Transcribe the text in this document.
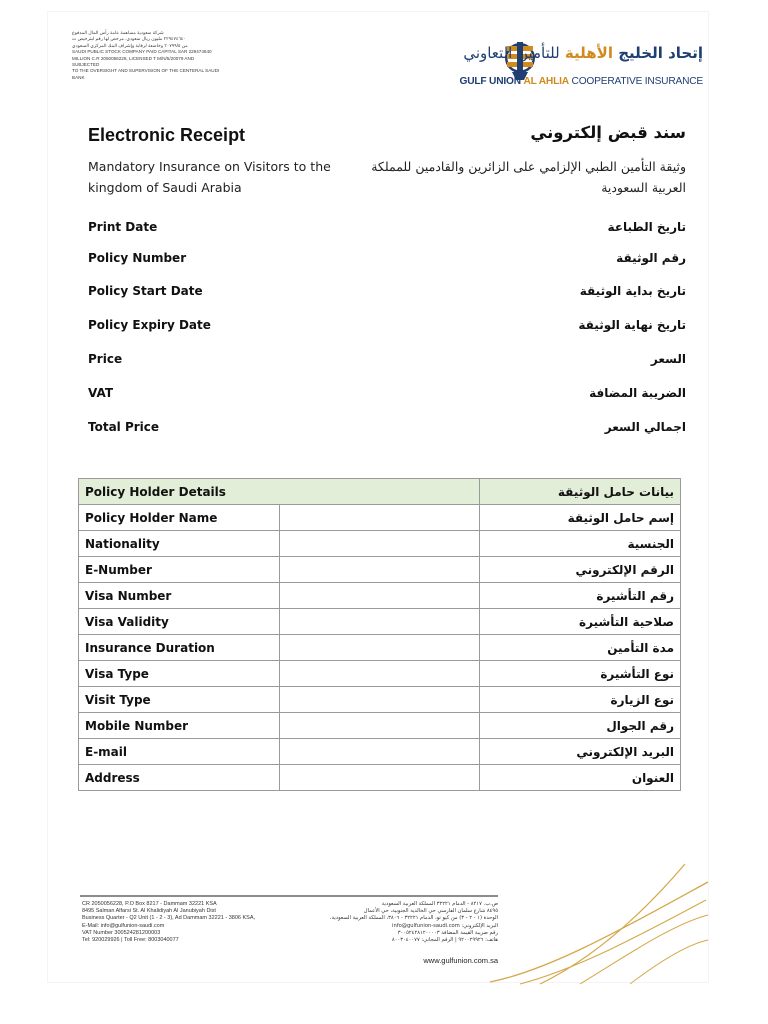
شركة سعودية مساهمة عامة رأس المال المدفوع
٢٢٩٤٧٤٦٤٠ مليون ريال سعودي. مرخص لها رقم لبترخيص ت
من ٢٠٧٩٩/٥ وخاضعة لرقابة وإشراف البنك المركزي السعودي
SAUDI PUBLIC STOCK COMPANY PAID CAPITAL SAR 229474640
MILLION C.R 2050056228, LICENSED T M/N/5/20079 AND SUBJECTED
TO THE OVERSIGHT AND SUPERVISION OF THE CENTERAL SAUDI BANK
إتحاد الخليج الأهلية للتأمين التعاوني
GULF UNION AL AHLIA COOPERATIVE INSURANCE
Electronic Receipt	سند قبض إلكتروني
Mandatory Insurance on Visitors to the kingdom of Saudi Arabia
وثيقة التأمين الطبي الإلزامي على الزائرين والقادمين للمملكة العربية السعودية
Print Date	تاريخ الطباعة
Policy Number	رقم الوثيقة
Policy Start Date	تاريخ بداية الوثيقة
Policy Expiry Date	تاريخ نهاية الوثيقة
Price	السعر
VAT	الضريبة المضافة
Total Price	اجمالي السعر
Policy Holder Details		بيانات حامل الوثيقة
Policy Holder Name		إسم حامل الوثيقة
Nationality		الجنسية
E-Number		الرقم الإلكتروني
Visa Number		رقم التأشيرة
Visa Validity		صلاحية التأشيرة
Insurance Duration		مدة التأمين
Visa Type		نوع التأشيرة
Visit Type		نوع الزيارة
Mobile Number		رقم الجوال
E-mail		البريد الإلكتروني
Address		العنوان
CR 2050056228, P.O Box 8217 - Dammam 32221 KSA
8495 Salman Alfarsi St. Al Khalidiyah Al Janubiyah Dist
Business Quarter - Q2 Unit (1 - 2 - 3), Ad Dammam 32221 - 3806 KSA,
E-Mail: info@gulfunion-saudi.com
VAT Number 300524281200003
Tel: 920029926 | Toll Free: 8003040077
ص.ب. ٨٢١٧ - الدمام ٣٢٢٢١ المملكة العربية السعودية
٨٤٩٥ شارع سلمان الفارسي حي الخالدية الجنوبية، حي الأعمال
الوحدة (١ - ٢ - ٣) من كيو تو، الدمام ٣٢٢٢١ - ٣٨٠٦، المملكة العربية السعودية،
البريد الإلكتروني: info@gulfunion-saudi.com
رقم ضريبة القيمة المضافة ٣٠٠٥٢٤٢٨١٢٠٠٠٠٣
هاتف: ٩٢٠٠٢٩٩٢٦ | الرقم المجاني: ٨٠٠٣٠٤٠٠٧٧
www.gulfunion.com.sa
